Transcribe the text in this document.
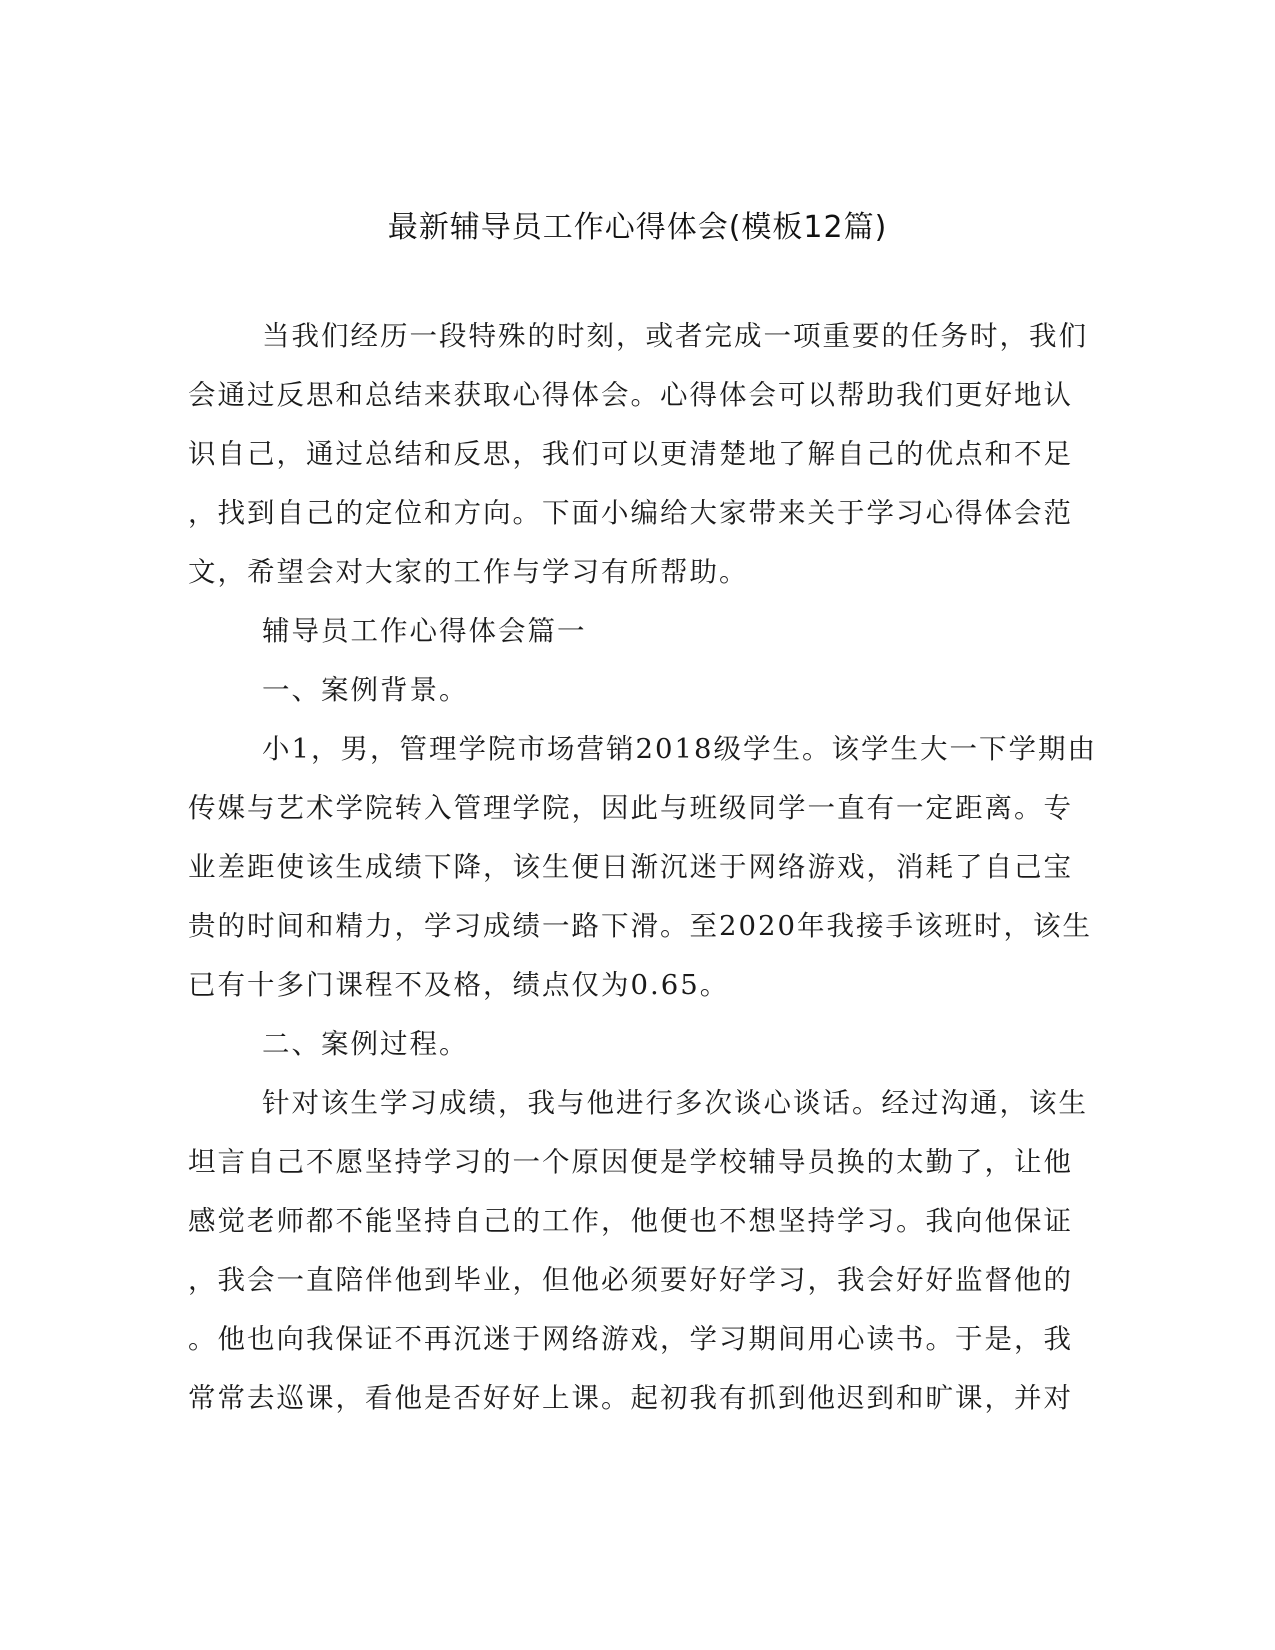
最新辅导员工作心得体会(模板12篇)
当我们经历一段特殊的时刻，或者完成一项重要的任务时，我们
会通过反思和总结来获取心得体会。心得体会可以帮助我们更好地认
识自己，通过总结和反思，我们可以更清楚地了解自己的优点和不足
，找到自己的定位和方向。下面小编给大家带来关于学习心得体会范
文，希望会对大家的工作与学习有所帮助。
辅导员工作心得体会篇一
一、案例背景。
小1，男，管理学院市场营销2018级学生。该学生大一下学期由
传媒与艺术学院转入管理学院，因此与班级同学一直有一定距离。专
业差距使该生成绩下降，该生便日渐沉迷于网络游戏，消耗了自己宝
贵的时间和精力，学习成绩一路下滑。至2020年我接手该班时，该生
已有十多门课程不及格，绩点仅为0.65。
二、案例过程。
针对该生学习成绩，我与他进行多次谈心谈话。经过沟通，该生
坦言自己不愿坚持学习的一个原因便是学校辅导员换的太勤了，让他
感觉老师都不能坚持自己的工作，他便也不想坚持学习。我向他保证
，我会一直陪伴他到毕业，但他必须要好好学习，我会好好监督他的
。他也向我保证不再沉迷于网络游戏，学习期间用心读书。于是，我
常常去巡课，看他是否好好上课。起初我有抓到他迟到和旷课，并对
